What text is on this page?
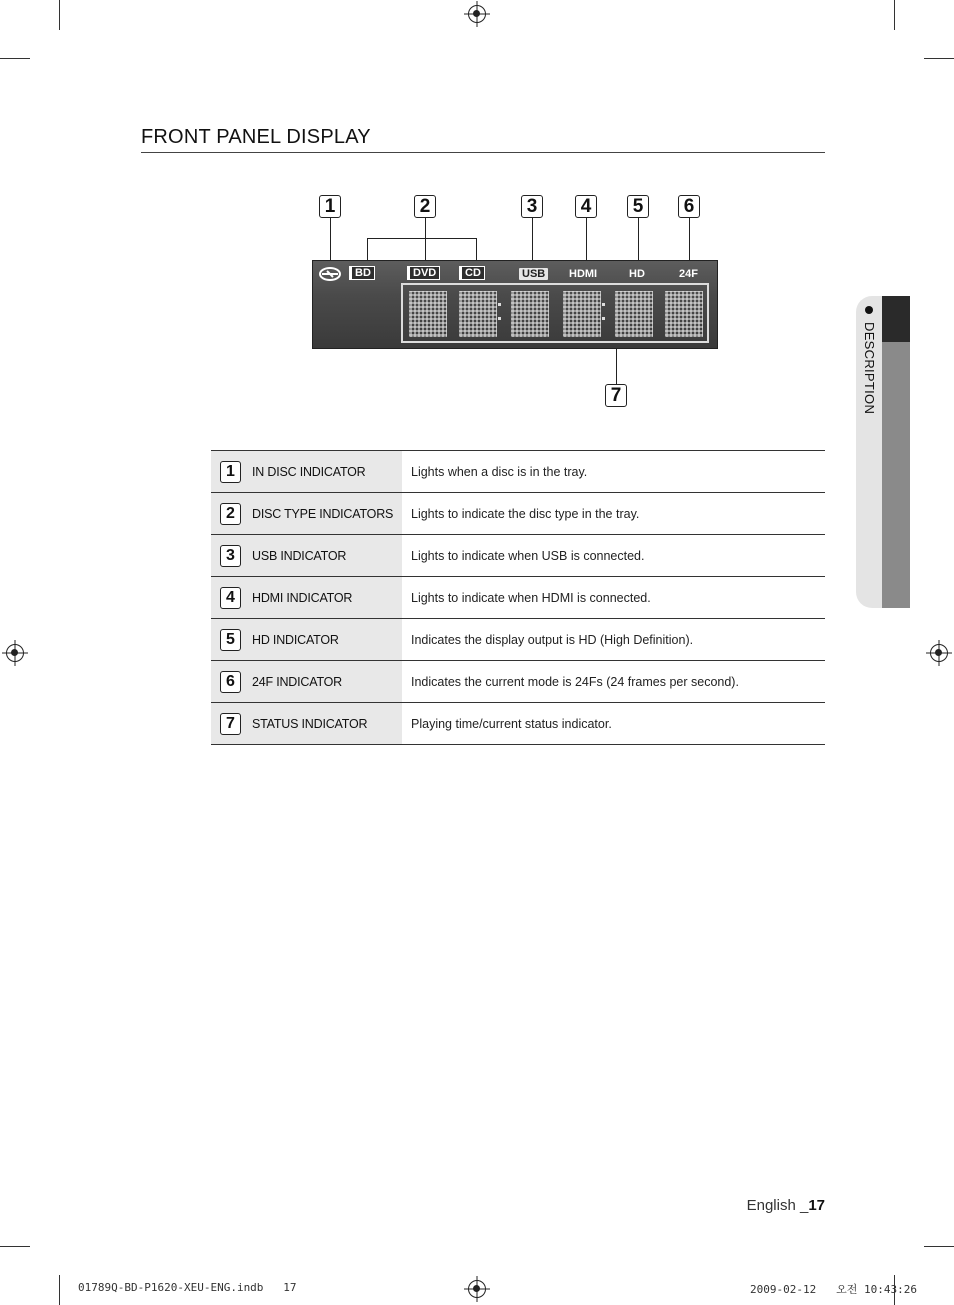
FRONT PANEL DISPLAY
1	2	3	4	5	6
7
BD	DVD	CD	USB HDMI	HD	24F
1 IN DISC INDICATOR	Lights when a disc is in the tray.
2 DISC TYPE INDICATORS	Lights to indicate the disc type in the tray.
3 USB INDICATOR	Lights to indicate when USB is connected.
4 HDMI INDICATOR	Lights to indicate when HDMI is connected.
5 HD INDICATOR	Indicates the display output is HD (High Definition).
6 24F INDICATOR	Indicates the current mode is 24Fs (24 frames per second).
7 STATUS INDICATOR	Playing time/current status indicator.
DESCRIPTION
English _17
01789Q-BD-P1620-XEU-ENG.indb   17	2009-02-12   오전 10:43:26
